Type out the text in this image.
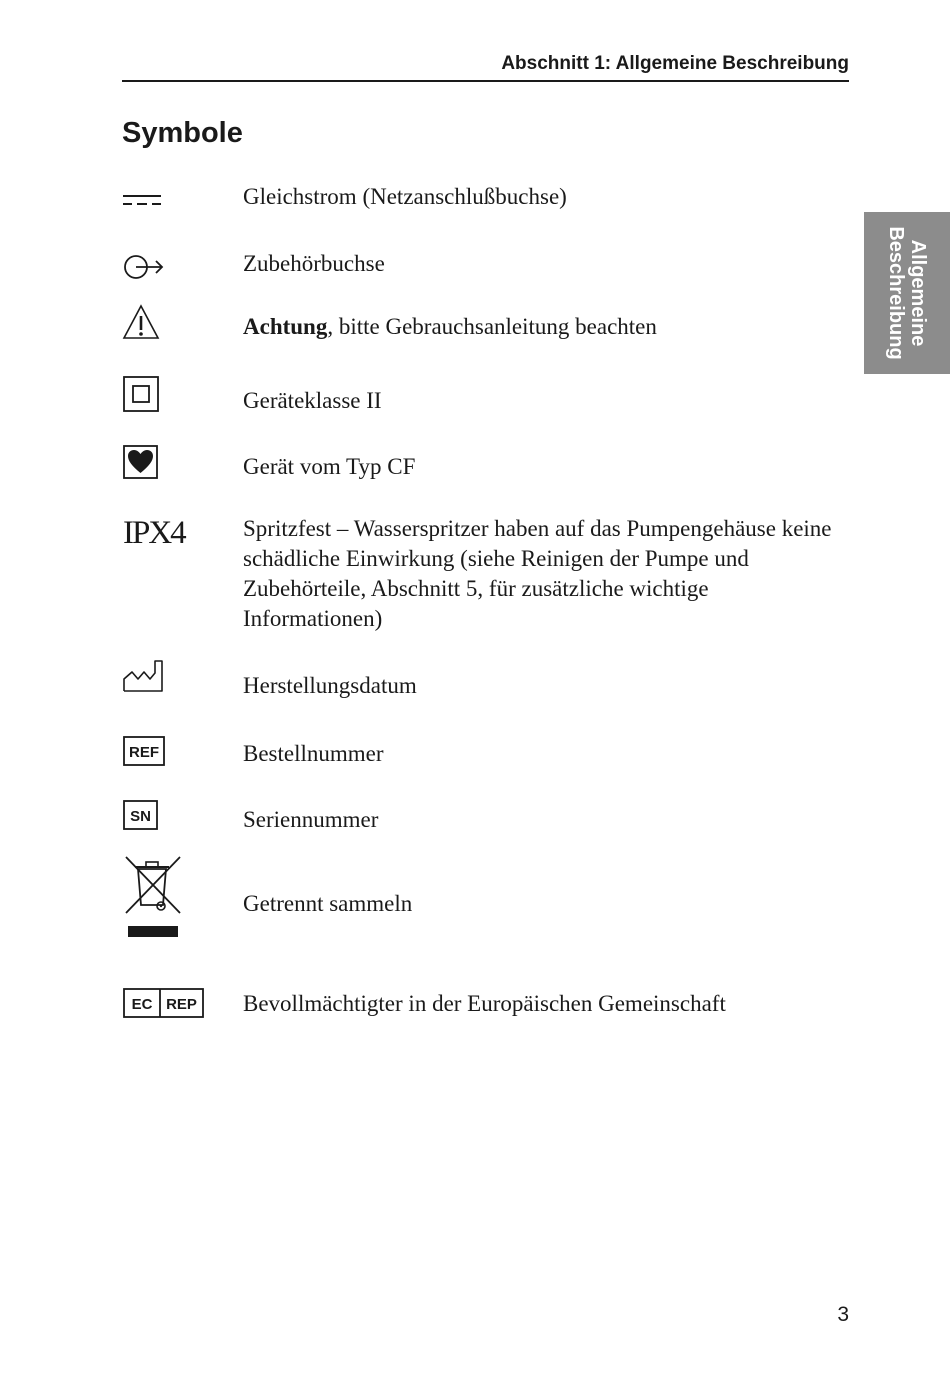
Abschnitt 1: Allgemeine Beschreibung
Symbole
Allgemeine
Beschreibung
Gleichstrom (Netzanschlußbuchse)
Zubehörbuchse
Achtung, bitte Gebrauchsanleitung beachten
Geräteklasse II
Gerät vom Typ CF
IPX4	Spritzfest – Wasserspritzer haben auf das Pumpengehäuse keine schädliche Einwirkung (siehe Reinigen der Pumpe und Zubehörteile, Abschnitt 5, für zusätzliche wichtige Informationen)
Herstellungsdatum
REF	Bestellnummer
SN	Seriennummer
Getrennt sammeln
EC REP Bevollmächtigter in der Europäischen Gemeinschaft
3
